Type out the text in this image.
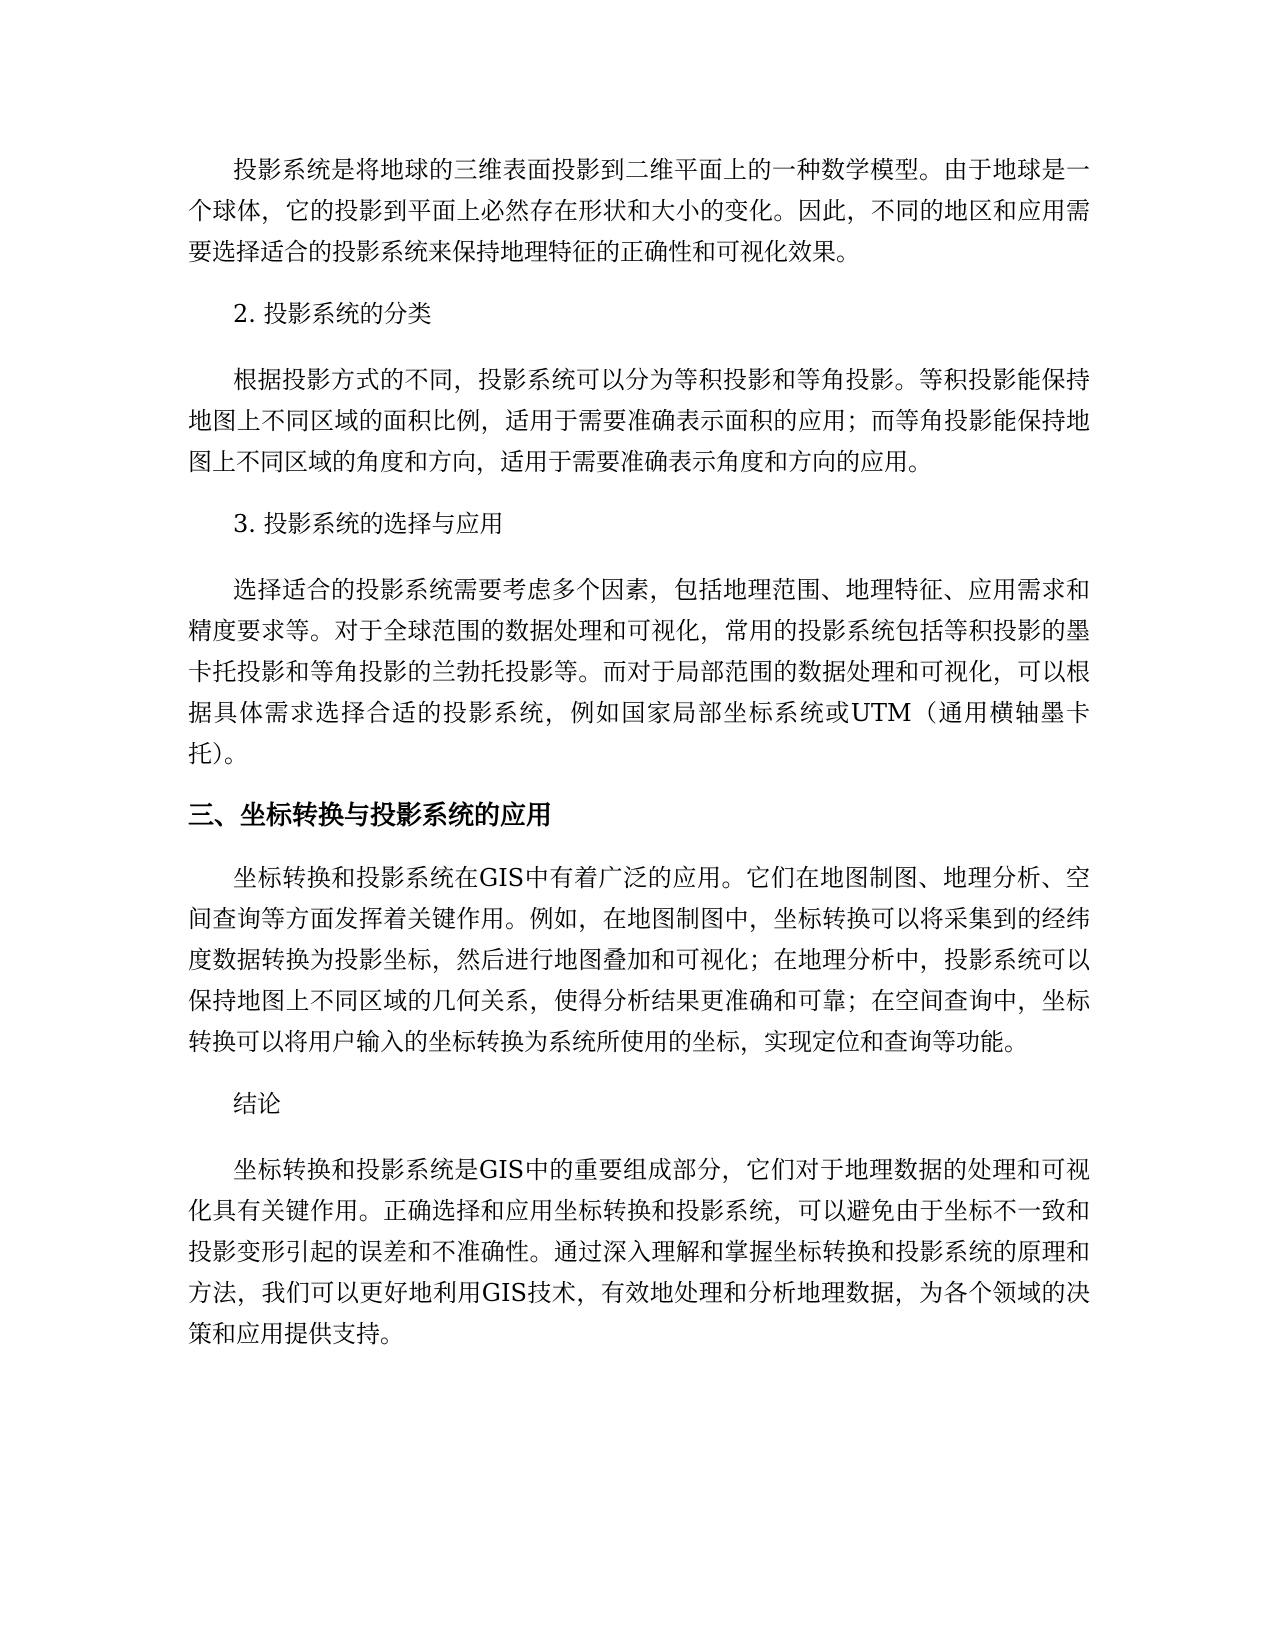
投影系统是将地球的三维表面投影到二维平面上的一种数学模型。由于地球是一个球体，它的投影到平面上必然存在形状和大小的变化。因此，不同的地区和应用需要选择适合的投影系统来保持地理特征的正确性和可视化效果。

2. 投影系统的分类

根据投影方式的不同，投影系统可以分为等积投影和等角投影。等积投影能保持地图上不同区域的面积比例，适用于需要准确表示面积的应用；而等角投影能保持地图上不同区域的角度和方向，适用于需要准确表示角度和方向的应用。

3. 投影系统的选择与应用

选择适合的投影系统需要考虑多个因素，包括地理范围、地理特征、应用需求和精度要求等。对于全球范围的数据处理和可视化，常用的投影系统包括等积投影的墨卡托投影和等角投影的兰勃托投影等。而对于局部范围的数据处理和可视化，可以根据具体需求选择合适的投影系统，例如国家局部坐标系统或UTM（通用横轴墨卡托）。

三、坐标转换与投影系统的应用

坐标转换和投影系统在GIS中有着广泛的应用。它们在地图制图、地理分析、空间查询等方面发挥着关键作用。例如，在地图制图中，坐标转换可以将采集到的经纬度数据转换为投影坐标，然后进行地图叠加和可视化；在地理分析中，投影系统可以保持地图上不同区域的几何关系，使得分析结果更准确和可靠；在空间查询中，坐标转换可以将用户输入的坐标转换为系统所使用的坐标，实现定位和查询等功能。

结论

坐标转换和投影系统是GIS中的重要组成部分，它们对于地理数据的处理和可视化具有关键作用。正确选择和应用坐标转换和投影系统，可以避免由于坐标不一致和投影变形引起的误差和不准确性。通过深入理解和掌握坐标转换和投影系统的原理和方法，我们可以更好地利用GIS技术，有效地处理和分析地理数据，为各个领域的决策和应用提供支持。
